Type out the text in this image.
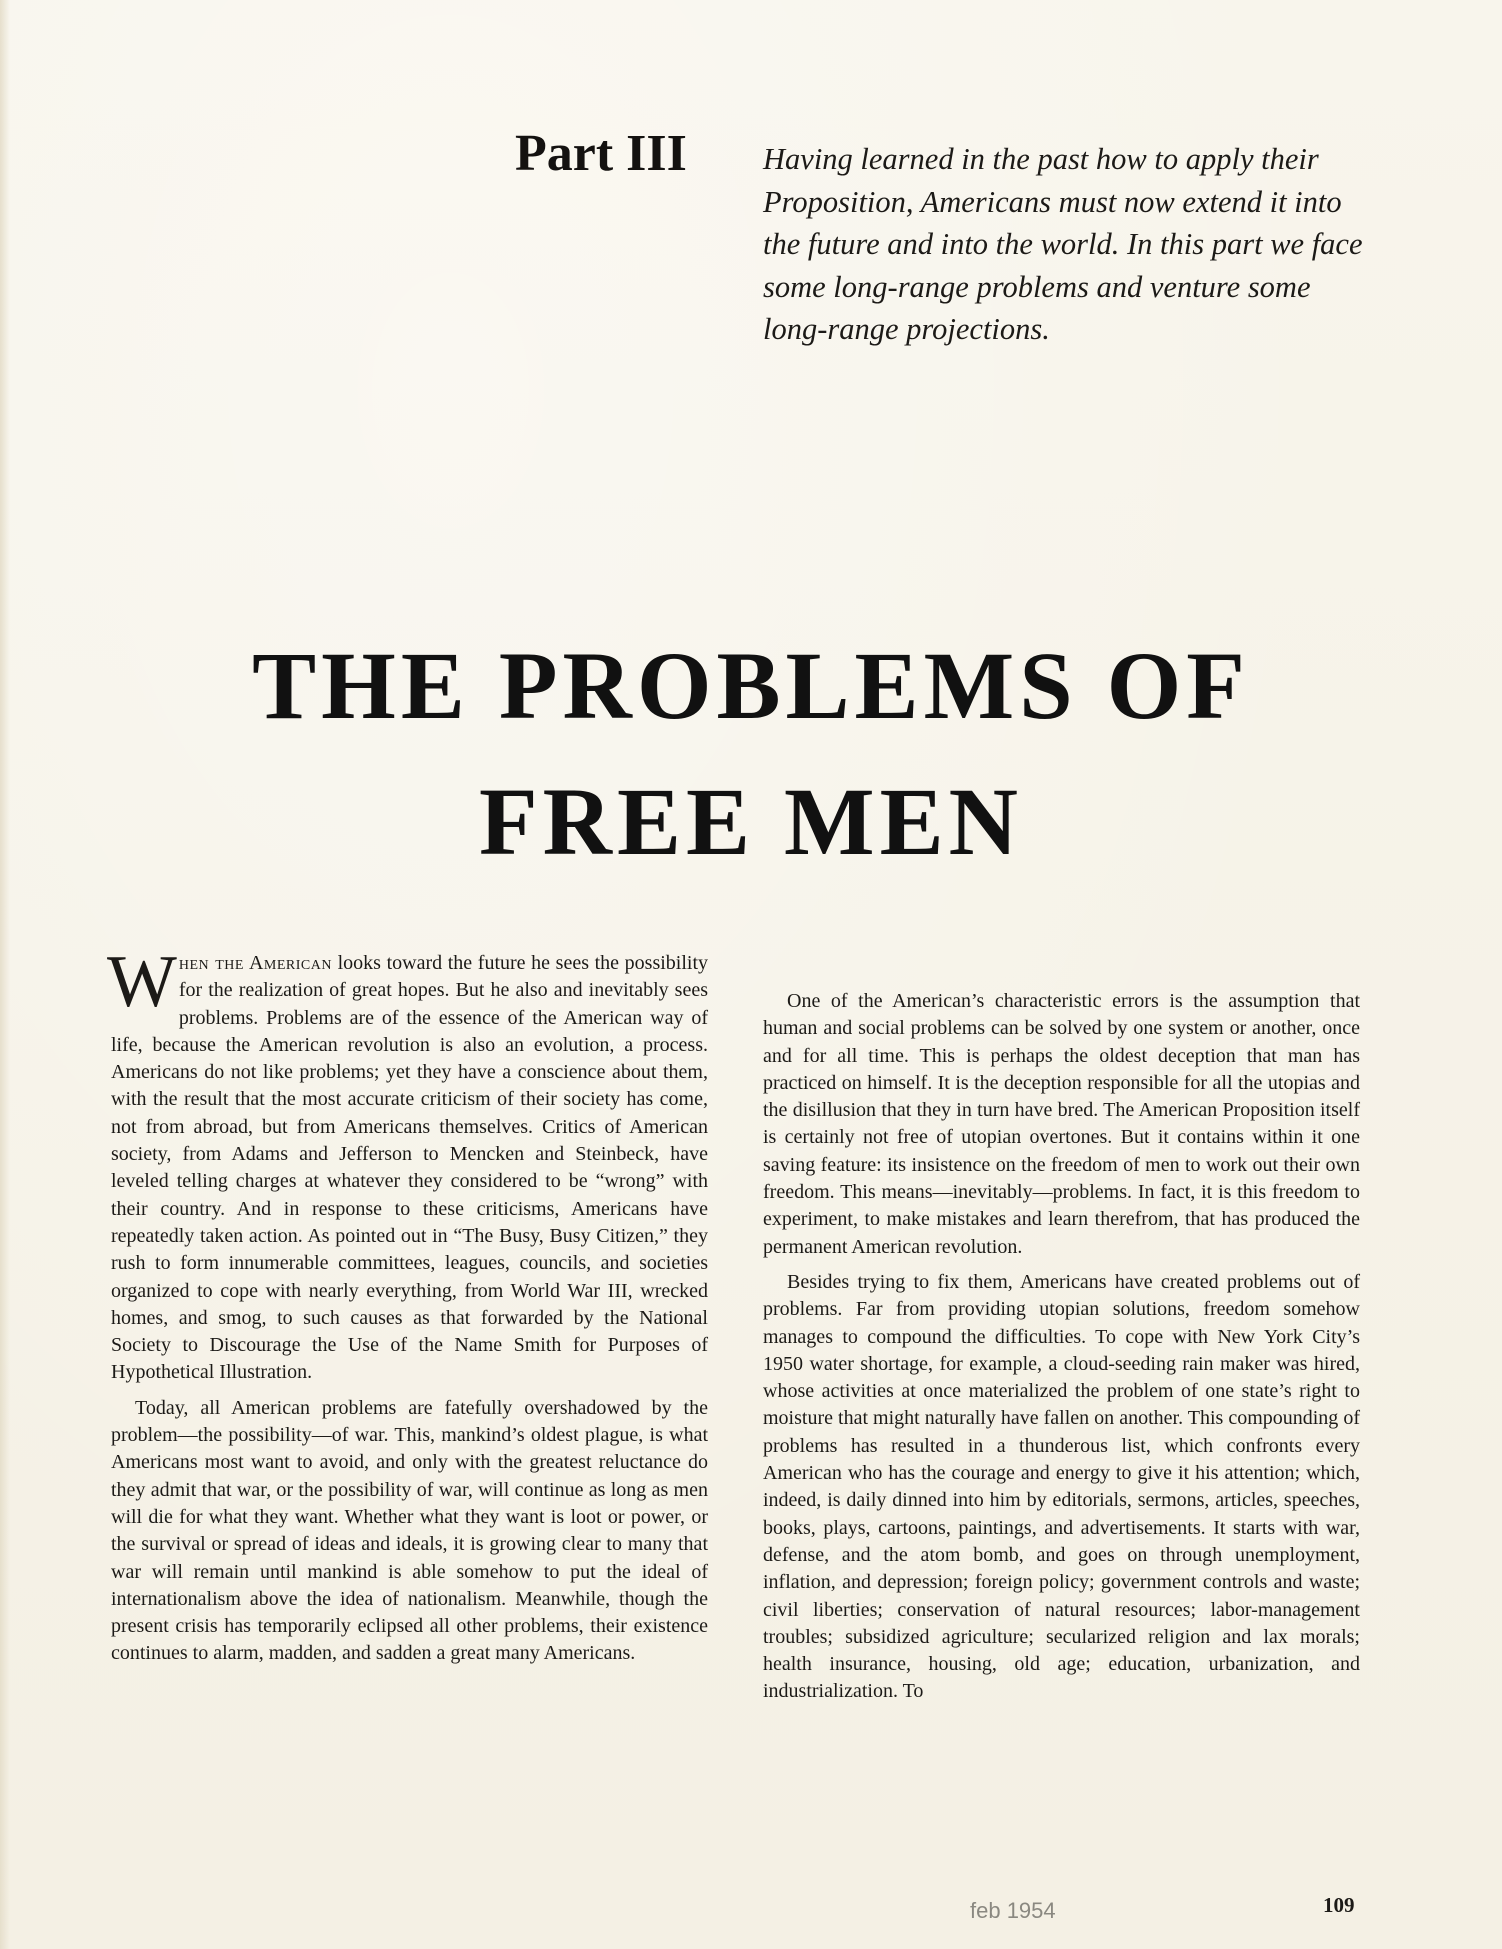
Part III	Having learned in the past how to apply their Proposition, Americans must now extend it into the future and into the world. In this part we face some long-range problems and venture some long-range projections.

THE PROBLEMS OF
FREE MEN

When the American looks toward the future he sees the possibility for the realization of great hopes. But he also and inevitably sees problems. Problems are of the essence of the American way of life, because the American revolution is also an evolution, a process. Americans do not like problems; yet they have a conscience about them, with the result that the most accurate criticism of their society has come, not from abroad, but from Americans themselves. Critics of American society, from Adams and Jefferson to Mencken and Steinbeck, have leveled telling charges at whatever they considered to be “wrong” with their country. And in response to these criticisms, Americans have repeatedly taken action. As pointed out in “The Busy, Busy Citizen,” they rush to form innumerable committees, leagues, councils, and societies organized to cope with nearly everything, from World War III, wrecked homes, and smog, to such causes as that forwarded by the National Society to Discourage the Use of the Name Smith for Purposes of Hypothetical Illustration.

Today, all American problems are fatefully overshadowed by the problem—the possibility—of war. This, mankind’s oldest plague, is what Americans most want to avoid, and only with the greatest reluctance do they admit that war, or the possibility of war, will continue as long as men will die for what they want. Whether what they want is loot or power, or the survival or spread of ideas and ideals, it is growing clear to many that war will remain until mankind is able somehow to put the ideal of internationalism above the idea of nationalism. Meanwhile, though the present crisis has temporarily eclipsed all other problems, their existence continues to alarm, madden, and sadden a great many Americans.

One of the American’s characteristic errors is the assumption that human and social problems can be solved by one system or another, once and for all time. This is perhaps the oldest deception that man has practiced on himself. It is the deception responsible for all the utopias and the disillusion that they in turn have bred. The American Proposition itself is certainly not free of utopian overtones. But it contains within it one saving feature: its insistence on the freedom of men to work out their own freedom. This means—inevitably—problems. In fact, it is this freedom to experiment, to make mistakes and learn therefrom, that has produced the permanent American revolution.

Besides trying to fix them, Americans have created problems out of problems. Far from providing utopian solutions, freedom somehow manages to compound the difficulties. To cope with New York City’s 1950 water shortage, for example, a cloud-seeding rain maker was hired, whose activities at once materialized the problem of one state’s right to moisture that might naturally have fallen on another. This compounding of problems has resulted in a thunderous list, which confronts every American who has the courage and energy to give it his attention; which, indeed, is daily dinned into him by editorials, sermons, articles, speeches, books, plays, cartoons, paintings, and advertisements. It starts with war, defense, and the atom bomb, and goes on through unemployment, inflation, and depression; foreign policy; government controls and waste; civil liberties; conservation of natural resources; labor-management troubles; subsidized agriculture; secularized religion and lax morals; health insurance, housing, old age; education, urbanization, and industrialization. To

feb 1954	109
